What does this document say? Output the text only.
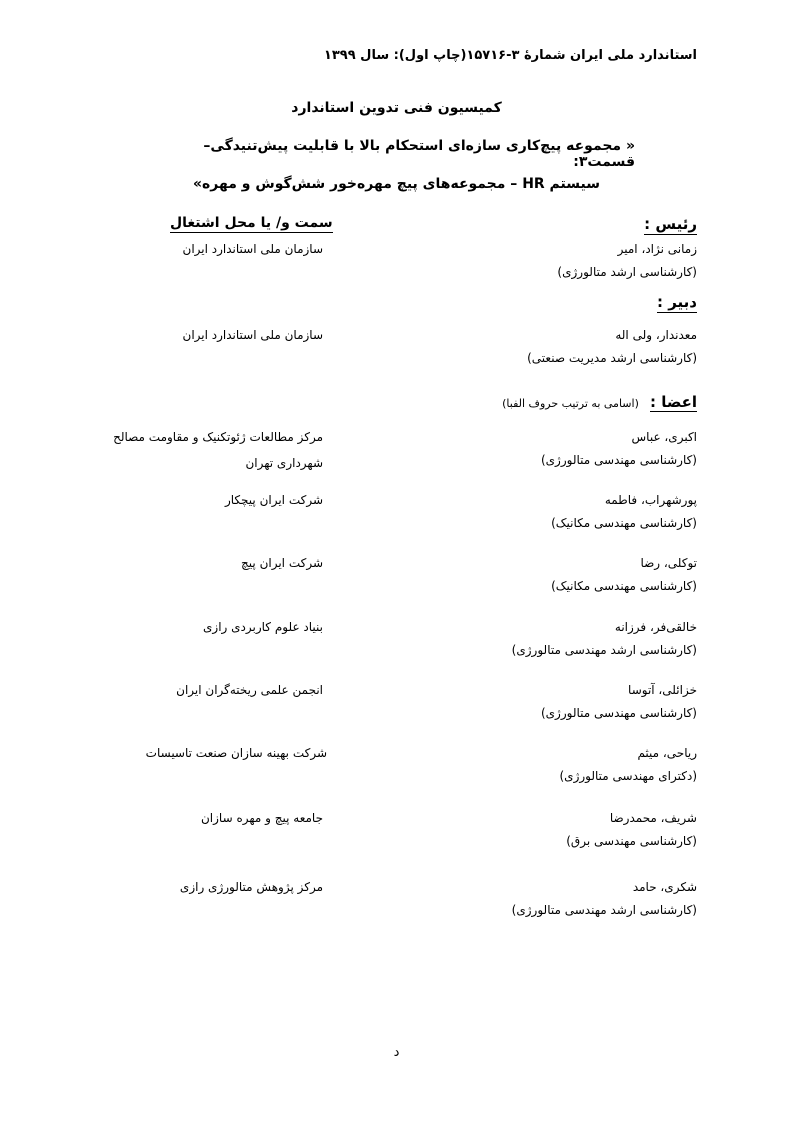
استاندارد ملی ایران شمارهٔ ۳-۱۵۷۱۶(چاپ اول): سال ۱۳۹۹
کمیسیون فنی تدوین استاندارد
« مجموعه پیچ‌کاری سازه‌ای استحکام بالا با قابلیت پیش‌تنیدگی– قسمت۳:
سیستم HR – مجموعه‌های پیچ مهره‌خور شش‌گوش و مهره»
رئیس :
سمت و/ یا محل اشتغال
زمانی نژاد، امیر
(کارشناسی ارشد متالورژی)
سازمان ملی استاندارد ایران
دبیر :
معدندار، ولی اله
(کارشناسی ارشد مدیریت صنعتی)
سازمان ملی استاندارد ایران
اعضا : (اسامی به ترتیب حروف الفبا)
اکبری، عباس
(کارشناسی مهندسی متالورژی)
مرکز مطالعات ژئوتکنیک و مقاومت مصالح شهرداری تهران
پورشهراب، فاطمه
(کارشناسی مهندسی مکانیک)
شرکت ایران پیچکار
توکلی، رضا
(کارشناسی مهندسی مکانیک)
شرکت ایران پیچ
خالقی‌فر، فرزانه
(کارشناسی ارشد مهندسی متالورژی)
بنیاد علوم کاربردی رازی
خزائلی، آتوسا
(کارشناسی مهندسی متالورژی)
انجمن علمی ریخته‌گران ایران
ریاحی، میثم
(دکترای مهندسی متالورژی)
شرکت بهینه سازان صنعت تاسیسات
شریف، محمدرضا
(کارشناسی مهندسی برق)
جامعه پیچ و مهره سازان
شکری، حامد
(کارشناسی ارشد مهندسی متالورژی)
مرکز پژوهش متالورژی رازی
د
